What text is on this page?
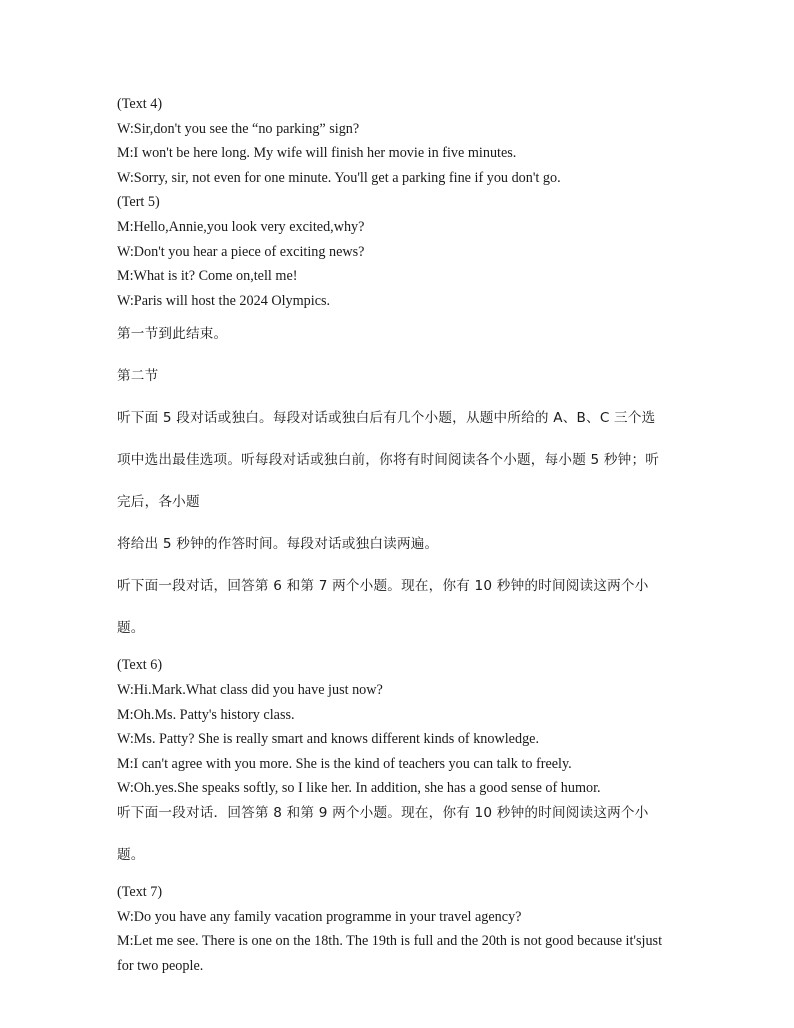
(Text 4)
W:Sir,don't you see the “no parking” sign?
M:I won't be here long. My wife will finish her movie in five minutes.
W:Sorry, sir, not even for one minute. You'll get a parking fine if you don't go.
(Tert 5)
M:Hello,Annie,you look very excited,why?
W:Don't you hear a piece of exciting news?
M:What is it? Come on,tell me!
W:Paris will host the 2024 Olympics.
第一节到此结束。
第二节
听下面 5 段对话或独白。每段对话或独白后有几个小题，从题中所给的 A、B、C 三个选
项中选出最佳选项。听每段对话或独白前，你将有时间阅读各个小题，每小题 5 秒钟；听
完后，各小题
将给出 5 秒钟的作答时间。每段对话或独白读两遍。
听下面一段对话，回答第 6 和第 7 两个小题。现在，你有 10 秒钟的时间阅读这两个小
题。
(Text 6)
W:Hi.Mark.What class did you have just now?
M:Oh.Ms. Patty's history class.
W:Ms. Patty? She is really smart and knows different kinds of knowledge.
M:I can't agree with you more. She is the kind of teachers you can talk to freely.
W:Oh.yes.She speaks softly, so I like her. In addition, she has a good sense of humor.
听下面一段对话．回答第 8 和第 9 两个小题。现在，你有 10 秒钟的时间阅读这两个小
题。
(Text 7)
W:Do you have any family vacation programme in your travel agency?
M:Let me see. There is one on the 18th. The 19th is full and the 20th is not good because it'sjust
for two people.
